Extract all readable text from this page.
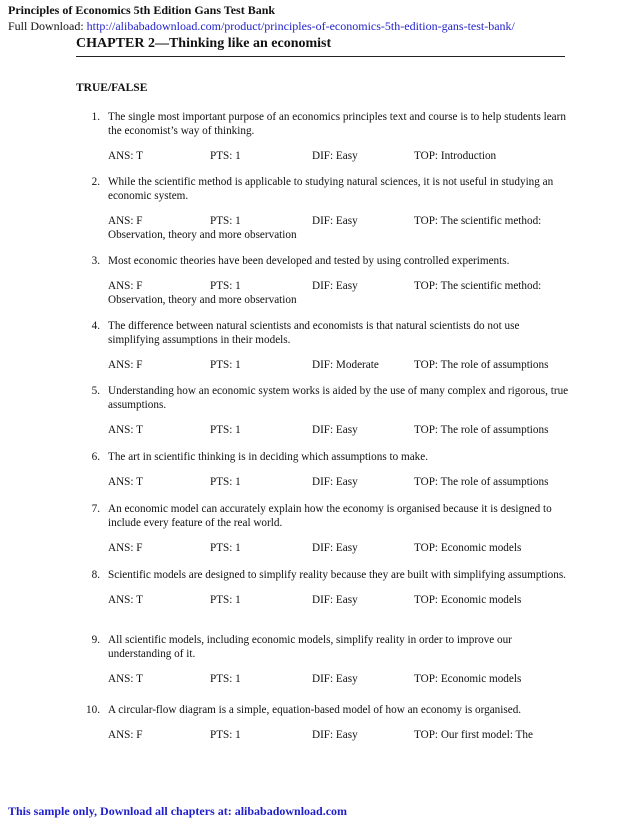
Principles of Economics 5th Edition Gans Test Bank
Full Download: http://alibabadownload.com/product/principles-of-economics-5th-edition-gans-test-bank/
CHAPTER 2—Thinking like an economist
TRUE/FALSE
1. The single most important purpose of an economics principles text and course is to help students learn the economist’s way of thinking.
ANS: T	PTS: 1	DIF: Easy	TOP: Introduction
2. While the scientific method is applicable to studying natural sciences, it is not useful in studying an economic system.
ANS: F	PTS: 1	DIF: Easy	TOP: The scientific method:
Observation, theory and more observation
3. Most economic theories have been developed and tested by using controlled experiments.
ANS: F	PTS: 1	DIF: Easy	TOP: The scientific method:
Observation, theory and more observation
4. The difference between natural scientists and economists is that natural scientists do not use simplifying assumptions in their models.
ANS: F	PTS: 1	DIF: Moderate	TOP: The role of assumptions
5. Understanding how an economic system works is aided by the use of many complex and rigorous, true assumptions.
ANS: T	PTS: 1	DIF: Easy	TOP: The role of assumptions
6. The art in scientific thinking is in deciding which assumptions to make.
ANS: T	PTS: 1	DIF: Easy	TOP: The role of assumptions
7. An economic model can accurately explain how the economy is organised because it is designed to include every feature of the real world.
ANS: F	PTS: 1	DIF: Easy	TOP: Economic models
8. Scientific models are designed to simplify reality because they are built with simplifying assumptions.
ANS: T	PTS: 1	DIF: Easy	TOP: Economic models
9. All scientific models, including economic models, simplify reality in order to improve our understanding of it.
ANS: T	PTS: 1	DIF: Easy	TOP: Economic models
10. A circular-flow diagram is a simple, equation-based model of how an economy is organised.
ANS: F	PTS: 1	DIF: Easy	TOP: Our first model: The
This sample only, Download all chapters at: alibabadownload.com
